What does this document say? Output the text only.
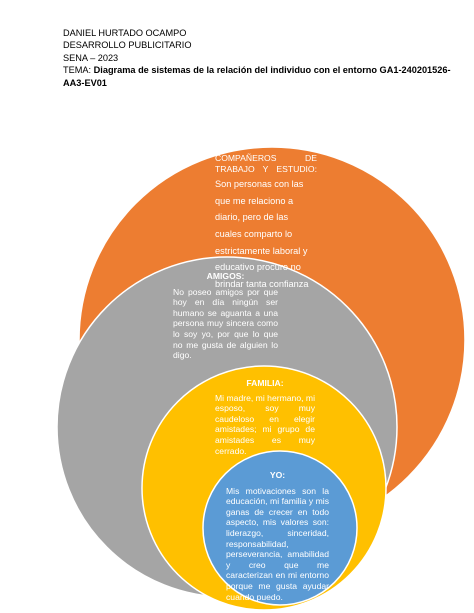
DANIEL HURTADO OCAMPO
DESARROLLO PUBLICITARIO
SENA – 2023
TEMA: Diagrama de sistemas de la relación del individuo con el entorno GA1-240201526-AA3-EV01
COMPAÑEROS DE TRABAJO Y ESTUDIO:
Son personas con las
que me relaciono a
diario, pero de las
cuales comparto lo
estrictamente laboral y
educativo procuro no
brindar tanta confianza
AMIGOS:
No poseo amigos por que hoy en día ningún ser humano se aguanta a una persona muy sincera como lo soy yo, por que lo que no me gusta de alguien lo digo.
FAMILIA:
Mi madre, mi hermano, mi esposo, soy muy caudeloso en elegir amistades; mi grupo de amistades es muy cerrado.
YO:
Mis motivaciones son la educación, mi familia y mis ganas de crecer en todo aspecto, mis valores son: liderazgo, sinceridad, responsabilidad, perseverancia, amabilidad y creo que me caracterizan en mi entorno porque me gusta ayudar cuando puedo.
